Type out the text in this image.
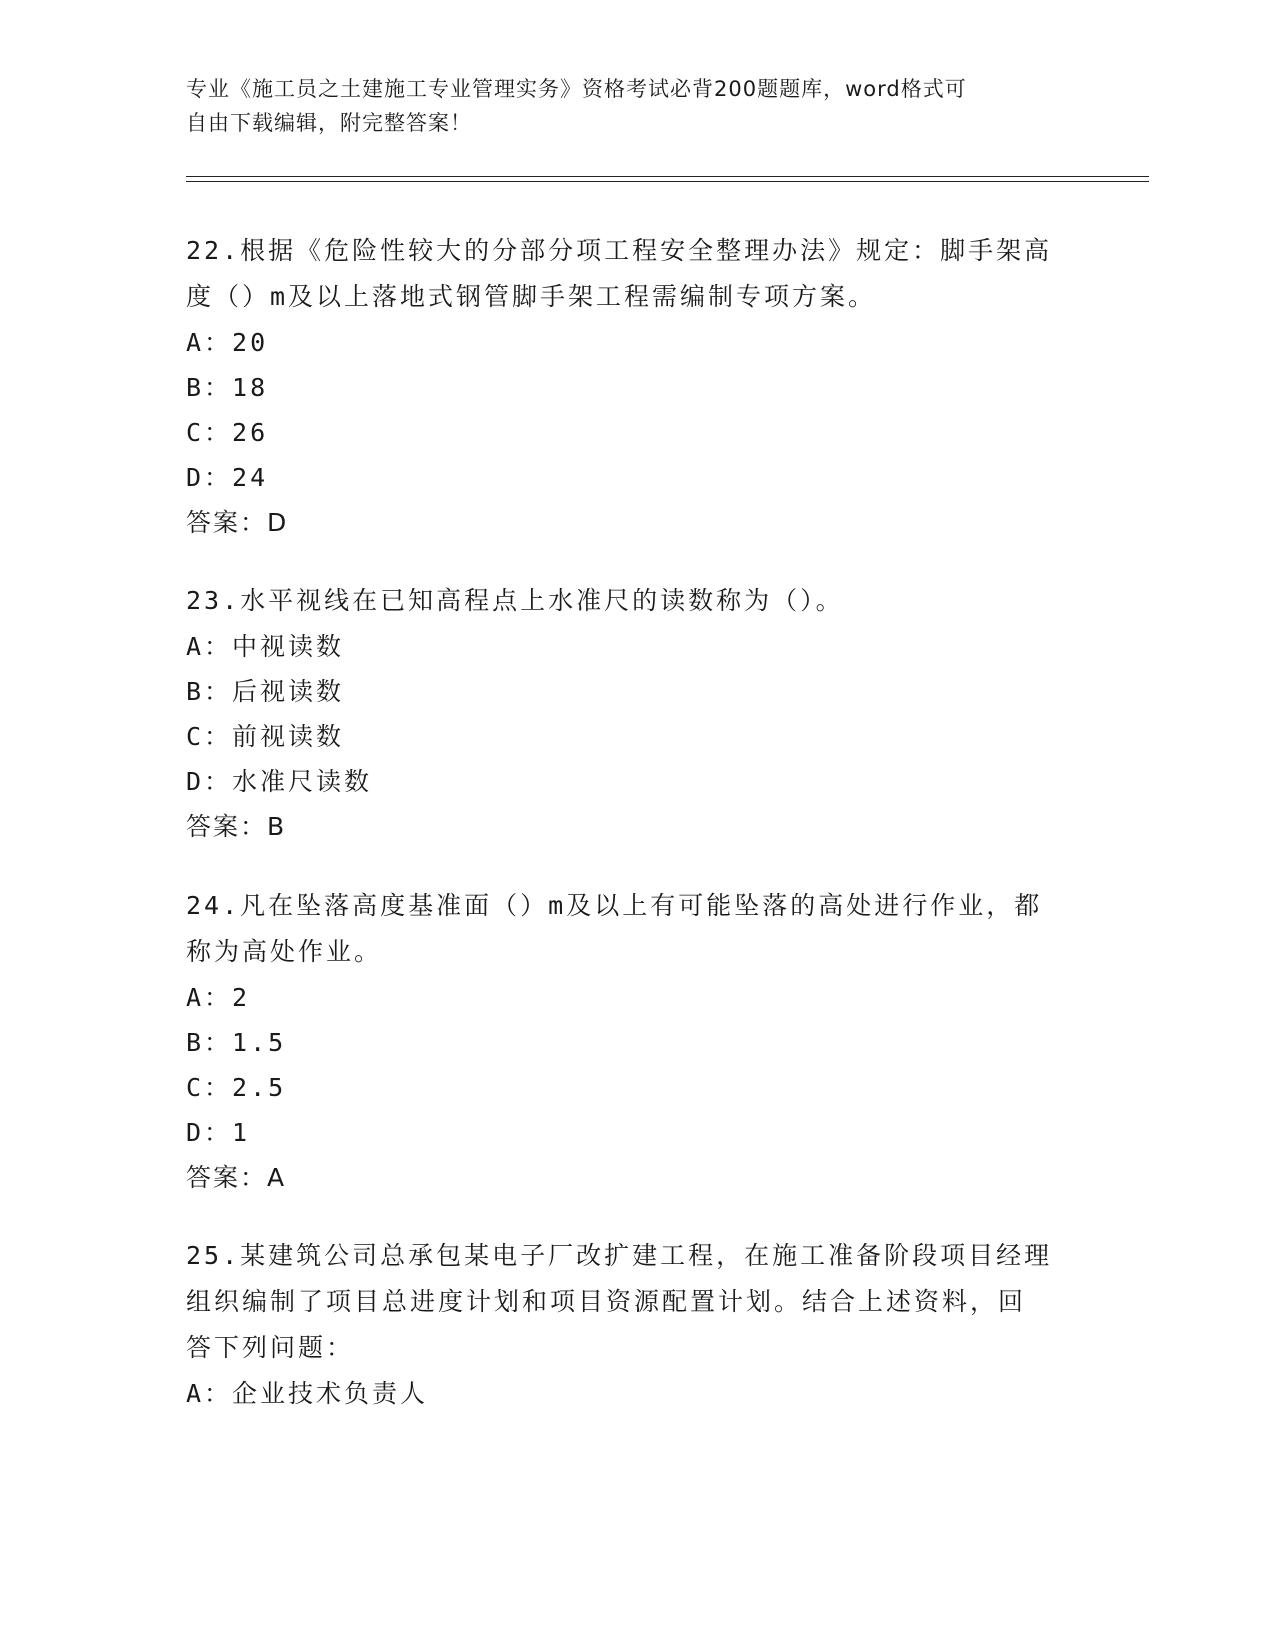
专业《施工员之土建施工专业管理实务》资格考试必背200题题库，word格式可
自由下载编辑，附完整答案！
22.根据《危险性较大的分部分项工程安全整理办法》规定：脚手架高
度（）m及以上落地式钢管脚手架工程需编制专项方案。
A：20
B：18
C：26
D：24
答案：D
23.水平视线在已知高程点上水准尺的读数称为（）。
A：中视读数
B：后视读数
C：前视读数
D：水准尺读数
答案：B
24.凡在坠落高度基准面（）m及以上有可能坠落的高处进行作业，都
称为高处作业。
A：2
B：1.5
C：2.5
D：1
答案：A
25.某建筑公司总承包某电子厂改扩建工程，在施工准备阶段项目经理
组织编制了项目总进度计划和项目资源配置计划。结合上述资料，回
答下列问题：
A：企业技术负责人
